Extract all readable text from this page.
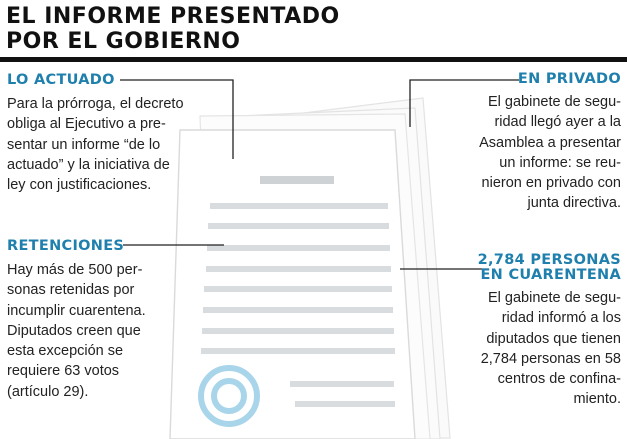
EL INFORME PRESENTADO
POR EL GOBIERNO
LO ACTUADO

Para la prórroga, el decreto
obliga al Ejecutivo a pre-
sentar un informe “de lo
actuado” y la iniciativa de
ley con justificaciones.

RETENCIONES

Hay más de 500 per-
sonas retenidas por
incumplir cuarentena.
Diputados creen que
esta excepción se
requiere 63 votos
(artículo 29).

EN PRIVADO

El gabinete de segu-
ridad llegó ayer a la
Asamblea a presentar
un informe: se reu-
nieron en privado con
junta directiva.

2,784 PERSONAS
EN CUARENTENA

El gabinete de segu-
ridad informó a los
diputados que tienen
2,784 personas en 58
centros de confina-
miento.
